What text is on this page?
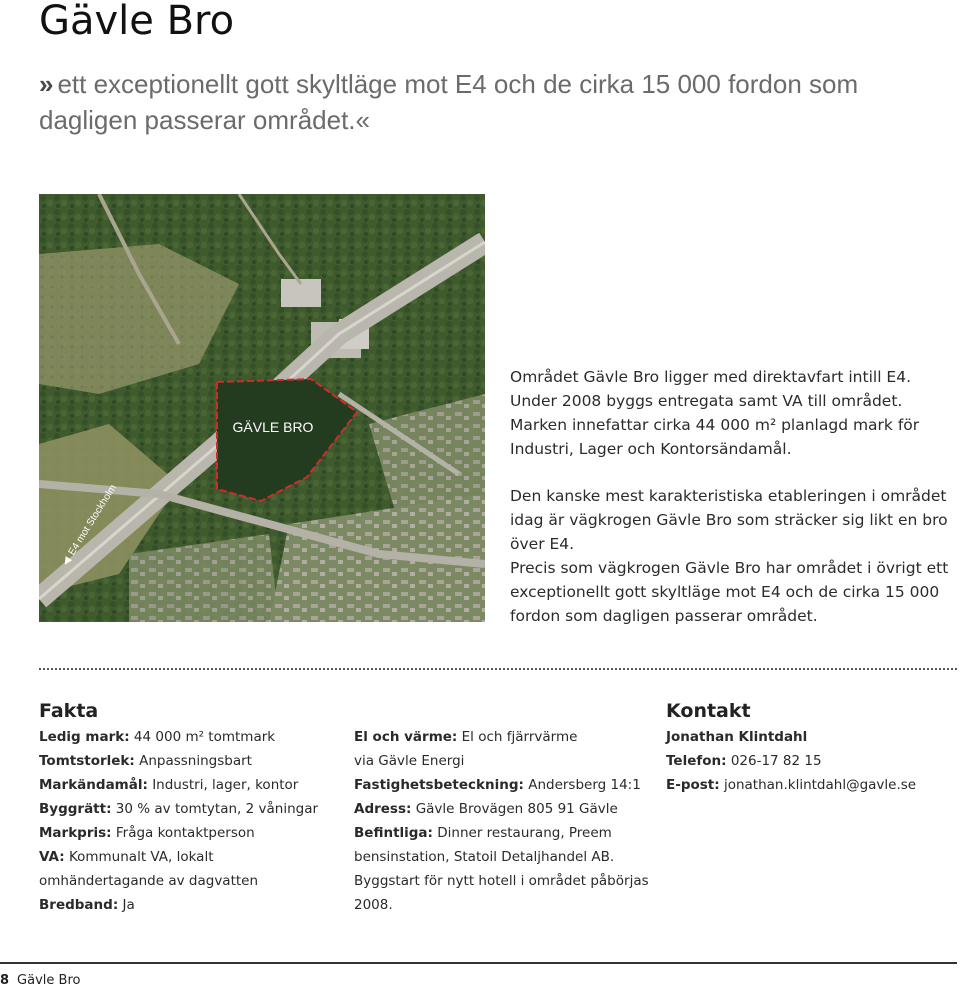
Gävle Bro
» ett exceptionellt gott skyltläge mot E4 och de cirka 15 000 fordon som dagligen passerar området.«
GÄVLE BRO
◀
E4 mot Stockholm
Området Gävle Bro ligger med direktavfart intill E4. Under 2008 byggs entregata samt VA till området. Marken innefattar cirka 44 000 m² planlagd mark för Industri, Lager och Kontorsändamål.
Den kanske mest karakteristiska etableringen i området idag är vägkrogen Gävle Bro som sträcker sig likt en bro över E4.
Precis som vägkrogen Gävle Bro har området i övrigt ett exceptionellt gott skyltläge mot E4 och de cirka 15 000 fordon som dagligen passerar området.
Fakta	Kontakt
Ledig mark: 44 000 m² tomtmark
Tomtstorlek: Anpassningsbart
Markändamål: Industri, lager, kontor
Byggrätt: 30 % av tomtytan, 2 våningar
Markpris: Fråga kontaktperson
VA: Kommunalt VA, lokalt
omhändertagande av dagvatten
Bredband: Ja
El och värme: El och fjärrvärme
via Gävle Energi
Fastighetsbeteckning: Andersberg 14:1
Adress: Gävle Brovägen 805 91 Gävle
Befintliga: Dinner restaurang, Preem
bensinstation, Statoil Detaljhandel AB.
Byggstart för nytt hotell i området påbörjas
2008.
Jonathan Klintdahl
Telefon: 026-17 82 15
E-post: jonathan.klintdahl@gavle.se
8 Gävle Bro
